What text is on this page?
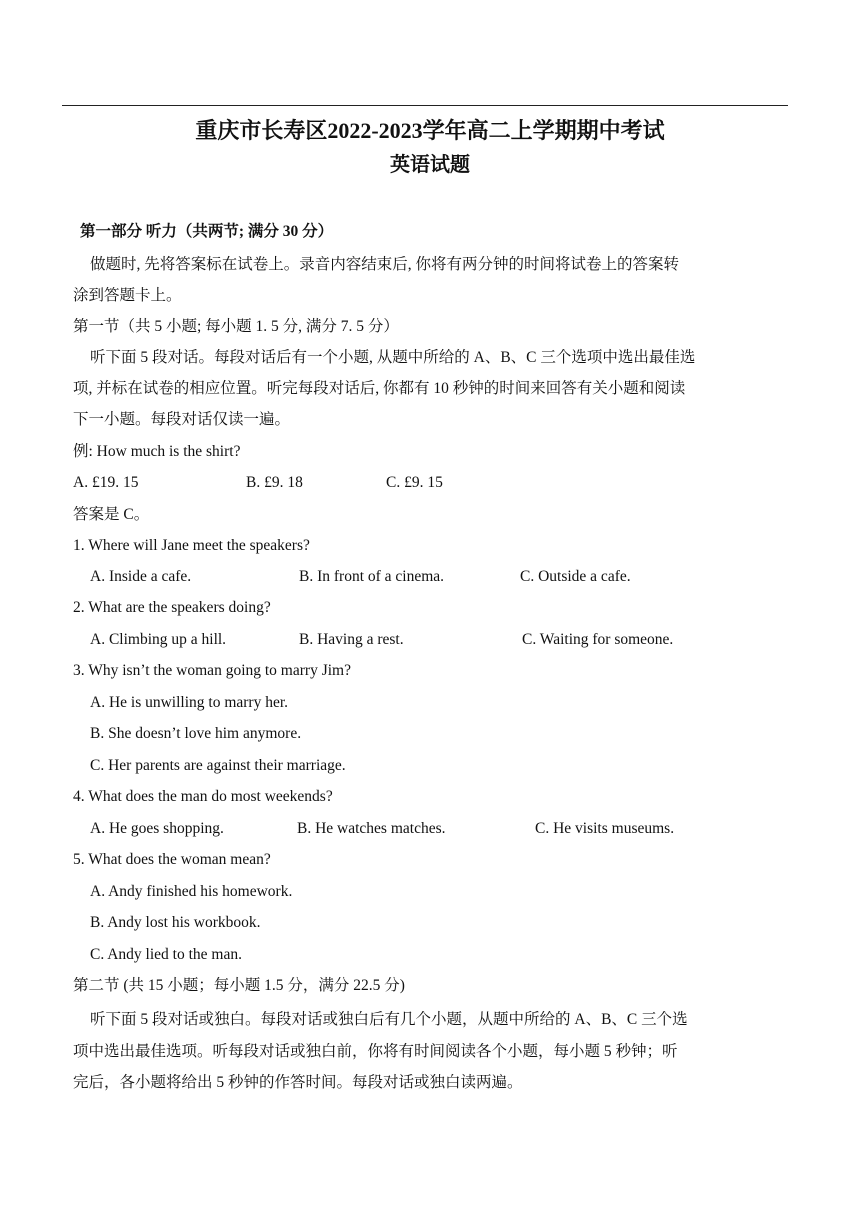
重庆市长寿区2022-2023学年高二上学期期中考试
英语试题
第一部分 听力（共两节; 满分 30 分）
做题时, 先将答案标在试卷上。录音内容结束后, 你将有两分钟的时间将试卷上的答案转
涂到答题卡上。
第一节（共 5 小题; 每小题 1. 5 分, 满分 7. 5 分）
听下面 5 段对话。每段对话后有一个小题, 从题中所给的 A、B、C 三个选项中选出最佳选
项, 并标在试卷的相应位置。听完每段对话后, 你都有 10 秒钟的时间来回答有关小题和阅读
下一小题。每段对话仅读一遍。
例: How much is the shirt?
A. £19. 15	B. £9. 18	C. £9. 15
答案是 C。
1. Where will Jane meet the speakers?
A. Inside a cafe.	B. In front of a cinema.	C. Outside a cafe.
2. What are the speakers doing?
A. Climbing up a hill.	B. Having a rest.	C. Waiting for someone.
3. Why isn’t the woman going to marry Jim?
A. He is unwilling to marry her.
B. She doesn’t love him anymore.
C. Her parents are against their marriage.
4. What does the man do most weekends?
A. He goes shopping.	B. He watches matches.	C. He visits museums.
5. What does the woman mean?
A. Andy finished his homework.
B. Andy lost his workbook.
C. Andy lied to the man.
第二节 (共 15 小题；每小题 1.5 分，满分 22.5 分)
听下面 5 段对话或独白。每段对话或独白后有几个小题，从题中所给的 A、B、C 三个选
项中选出最佳选项。听每段对话或独白前，你将有时间阅读各个小题，每小题 5 秒钟；听
完后，各小题将给出 5 秒钟的作答时间。每段对话或独白读两遍。
